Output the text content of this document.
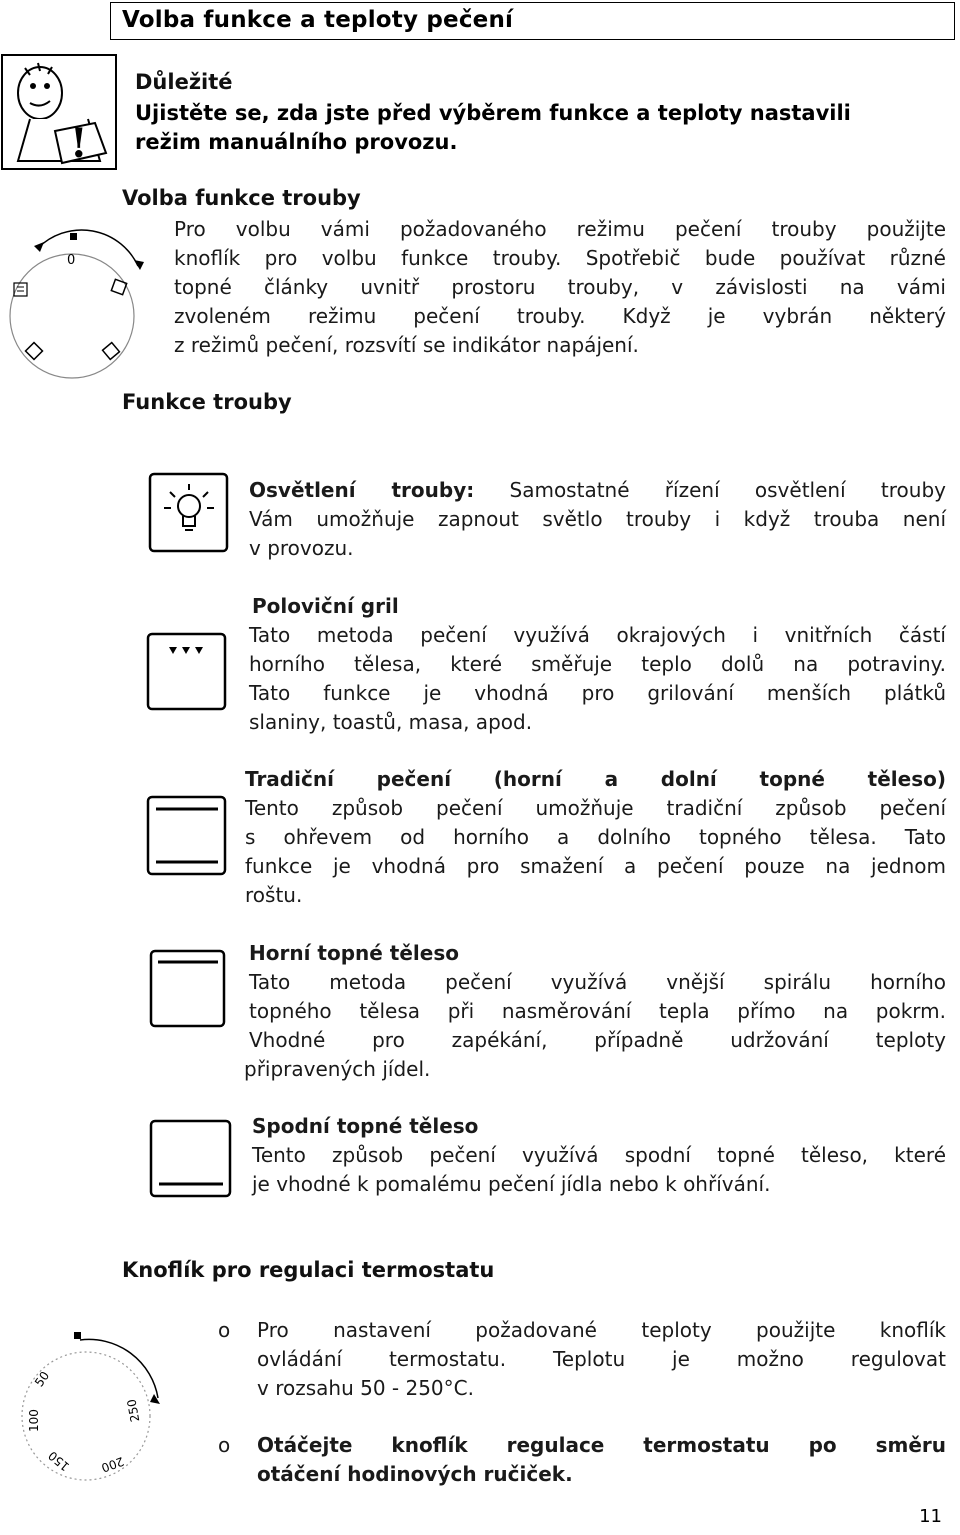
Volba funkce a teploty pečení
!
Důležité
Ujistěte se, zda jste před výběrem funkce a teploty nastavili
režim manuálního provozu.
Volba funkce trouby
0
Pro volbu vámi požadovaného režimu pečení trouby použijte
knoflík pro volbu funkce trouby. Spotřebič bude používat různé
topné články uvnitř prostoru trouby, v závislosti na vámi
zvoleném režimu pečení trouby. Když je vybrán některý
z režimů pečení, rozsvítí se indikátor napájení.
Funkce trouby
Osvětlení trouby: Samostatné řízení osvětlení trouby
Vám umožňuje zapnout světlo trouby i když trouba není
v provozu.
Poloviční gril
Tato metoda pečení využívá okrajových i vnitřních částí
horního tělesa, které směřuje teplo dolů na potraviny.
Tato funkce je vhodná pro grilování menších plátků
slaniny, toastů, masa, apod.
Tradiční pečení (horní a dolní topné těleso)
Tento způsob pečení umožňuje tradiční způsob pečení
s ohřevem od horního a dolního topného tělesa. Tato
funkce je vhodná pro smažení a pečení pouze na jednom
roštu.
Horní topné těleso
Tato metoda pečení využívá vnější spirálu horního
topného tělesa při nasměrování tepla přímo na pokrm.
Vhodné pro zapékání, případně udržování teploty
připravených jídel.
Spodní topné těleso
Tento způsob pečení využívá spodní topné těleso, které
je vhodné k pomalému pečení jídla nebo k ohřívání.
Knoflík pro regulaci termostatu
50
100
150 200
250
o Pro nastavení požadované teploty použijte knoflík
ovládání termostatu. Teplotu je možno regulovat
v rozsahu 50 - 250°C.
o Otáčejte knoflík regulace termostatu po směru
otáčení hodinových ručiček.
11
